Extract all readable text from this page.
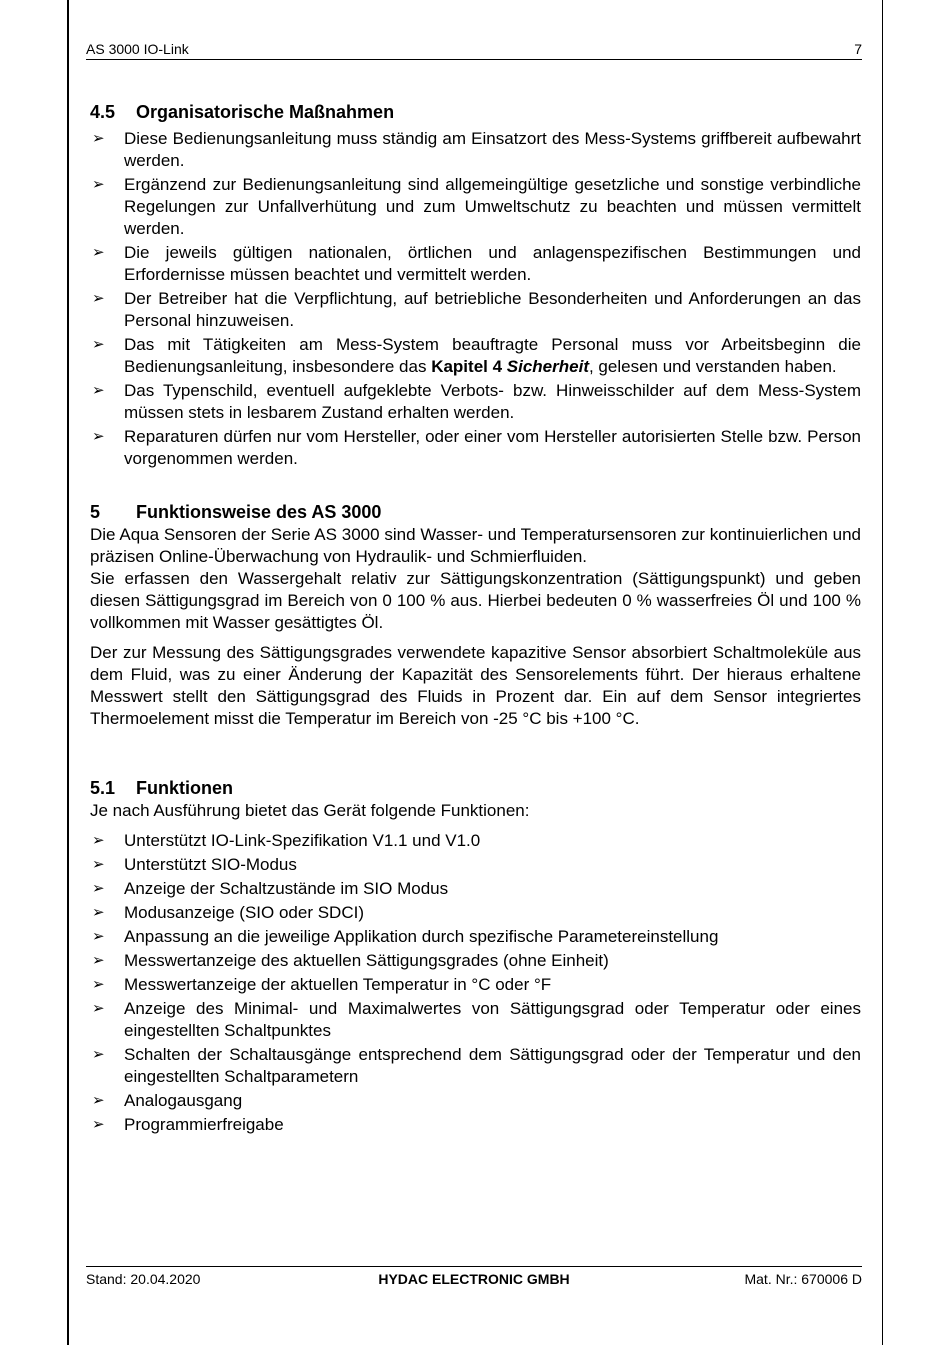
AS 3000 IO-Link	7
4.5 Organisatorische Maßnahmen
➢ Diese Bedienungsanleitung muss ständig am Einsatzort des Mess-Systems griffbereit aufbewahrt werden.
➢ Ergänzend zur Bedienungsanleitung sind allgemeingültige gesetzliche und sonstige verbindliche Regelungen zur Unfallverhütung und zum Umweltschutz zu beachten und müssen vermittelt werden.
➢ Die jeweils gültigen nationalen, örtlichen und anlagenspezifischen Bestimmungen und Erfordernisse müssen beachtet und vermittelt werden.
➢ Der Betreiber hat die Verpflichtung, auf betriebliche Besonderheiten und Anforderungen an das Personal hinzuweisen.
➢ Das mit Tätigkeiten am Mess-System beauftragte Personal muss vor Arbeitsbeginn die Bedienungsanleitung, insbesondere das Kapitel 4 Sicherheit, gelesen und verstanden haben.
➢ Das Typenschild, eventuell aufgeklebte Verbots- bzw. Hinweisschilder auf dem Mess-System müssen stets in lesbarem Zustand erhalten werden.
➢ Reparaturen dürfen nur vom Hersteller, oder einer vom Hersteller autorisierten Stelle bzw. Person vorgenommen werden.
5 Funktionsweise des AS 3000

Die Aqua Sensoren der Serie AS 3000 sind Wasser- und Temperatursensoren zur kontinuierlichen und präzisen Online-Überwachung von Hydraulik- und Schmierfluiden.

Sie erfassen den Wassergehalt relativ zur Sättigungskonzentration (Sättigungspunkt) und geben diesen Sättigungsgrad im Bereich von 0 100 % aus. Hierbei bedeuten 0 % wasserfreies Öl und 100 % vollkommen mit Wasser gesättigtes Öl.

Der zur Messung des Sättigungsgrades verwendete kapazitive Sensor absorbiert Schaltmoleküle aus dem Fluid, was zu einer Änderung der Kapazität des Sensorelements führt. Der hieraus erhaltene Messwert stellt den Sättigungsgrad des Fluids in Prozent dar. Ein auf dem Sensor integriertes Thermoelement misst die Temperatur im Bereich von -25 °C bis +100 °C.

5.1 Funktionen

Je nach Ausführung bietet das Gerät folgende Funktionen:

➢ Unterstützt IO-Link-Spezifikation V1.1 und V1.0
➢ Unterstützt SIO-Modus
➢ Anzeige der Schaltzustände im SIO Modus
➢ Modusanzeige (SIO oder SDCI)
➢ Anpassung an die jeweilige Applikation durch spezifische Parametereinstellung
➢ Messwertanzeige des aktuellen Sättigungsgrades (ohne Einheit)
➢ Messwertanzeige der aktuellen Temperatur in °C oder °F
➢ Anzeige des Minimal- und Maximalwertes von Sättigungsgrad oder Temperatur oder eines eingestellten Schaltpunktes
➢ Schalten der Schaltausgänge entsprechend dem Sättigungsgrad oder der Temperatur und den eingestellten Schaltparametern
➢ Analogausgang
➢ Programmierfreigabe
Stand: 20.04.2020	HYDAC ELECTRONIC GMBH	Mat. Nr.: 670006 D
